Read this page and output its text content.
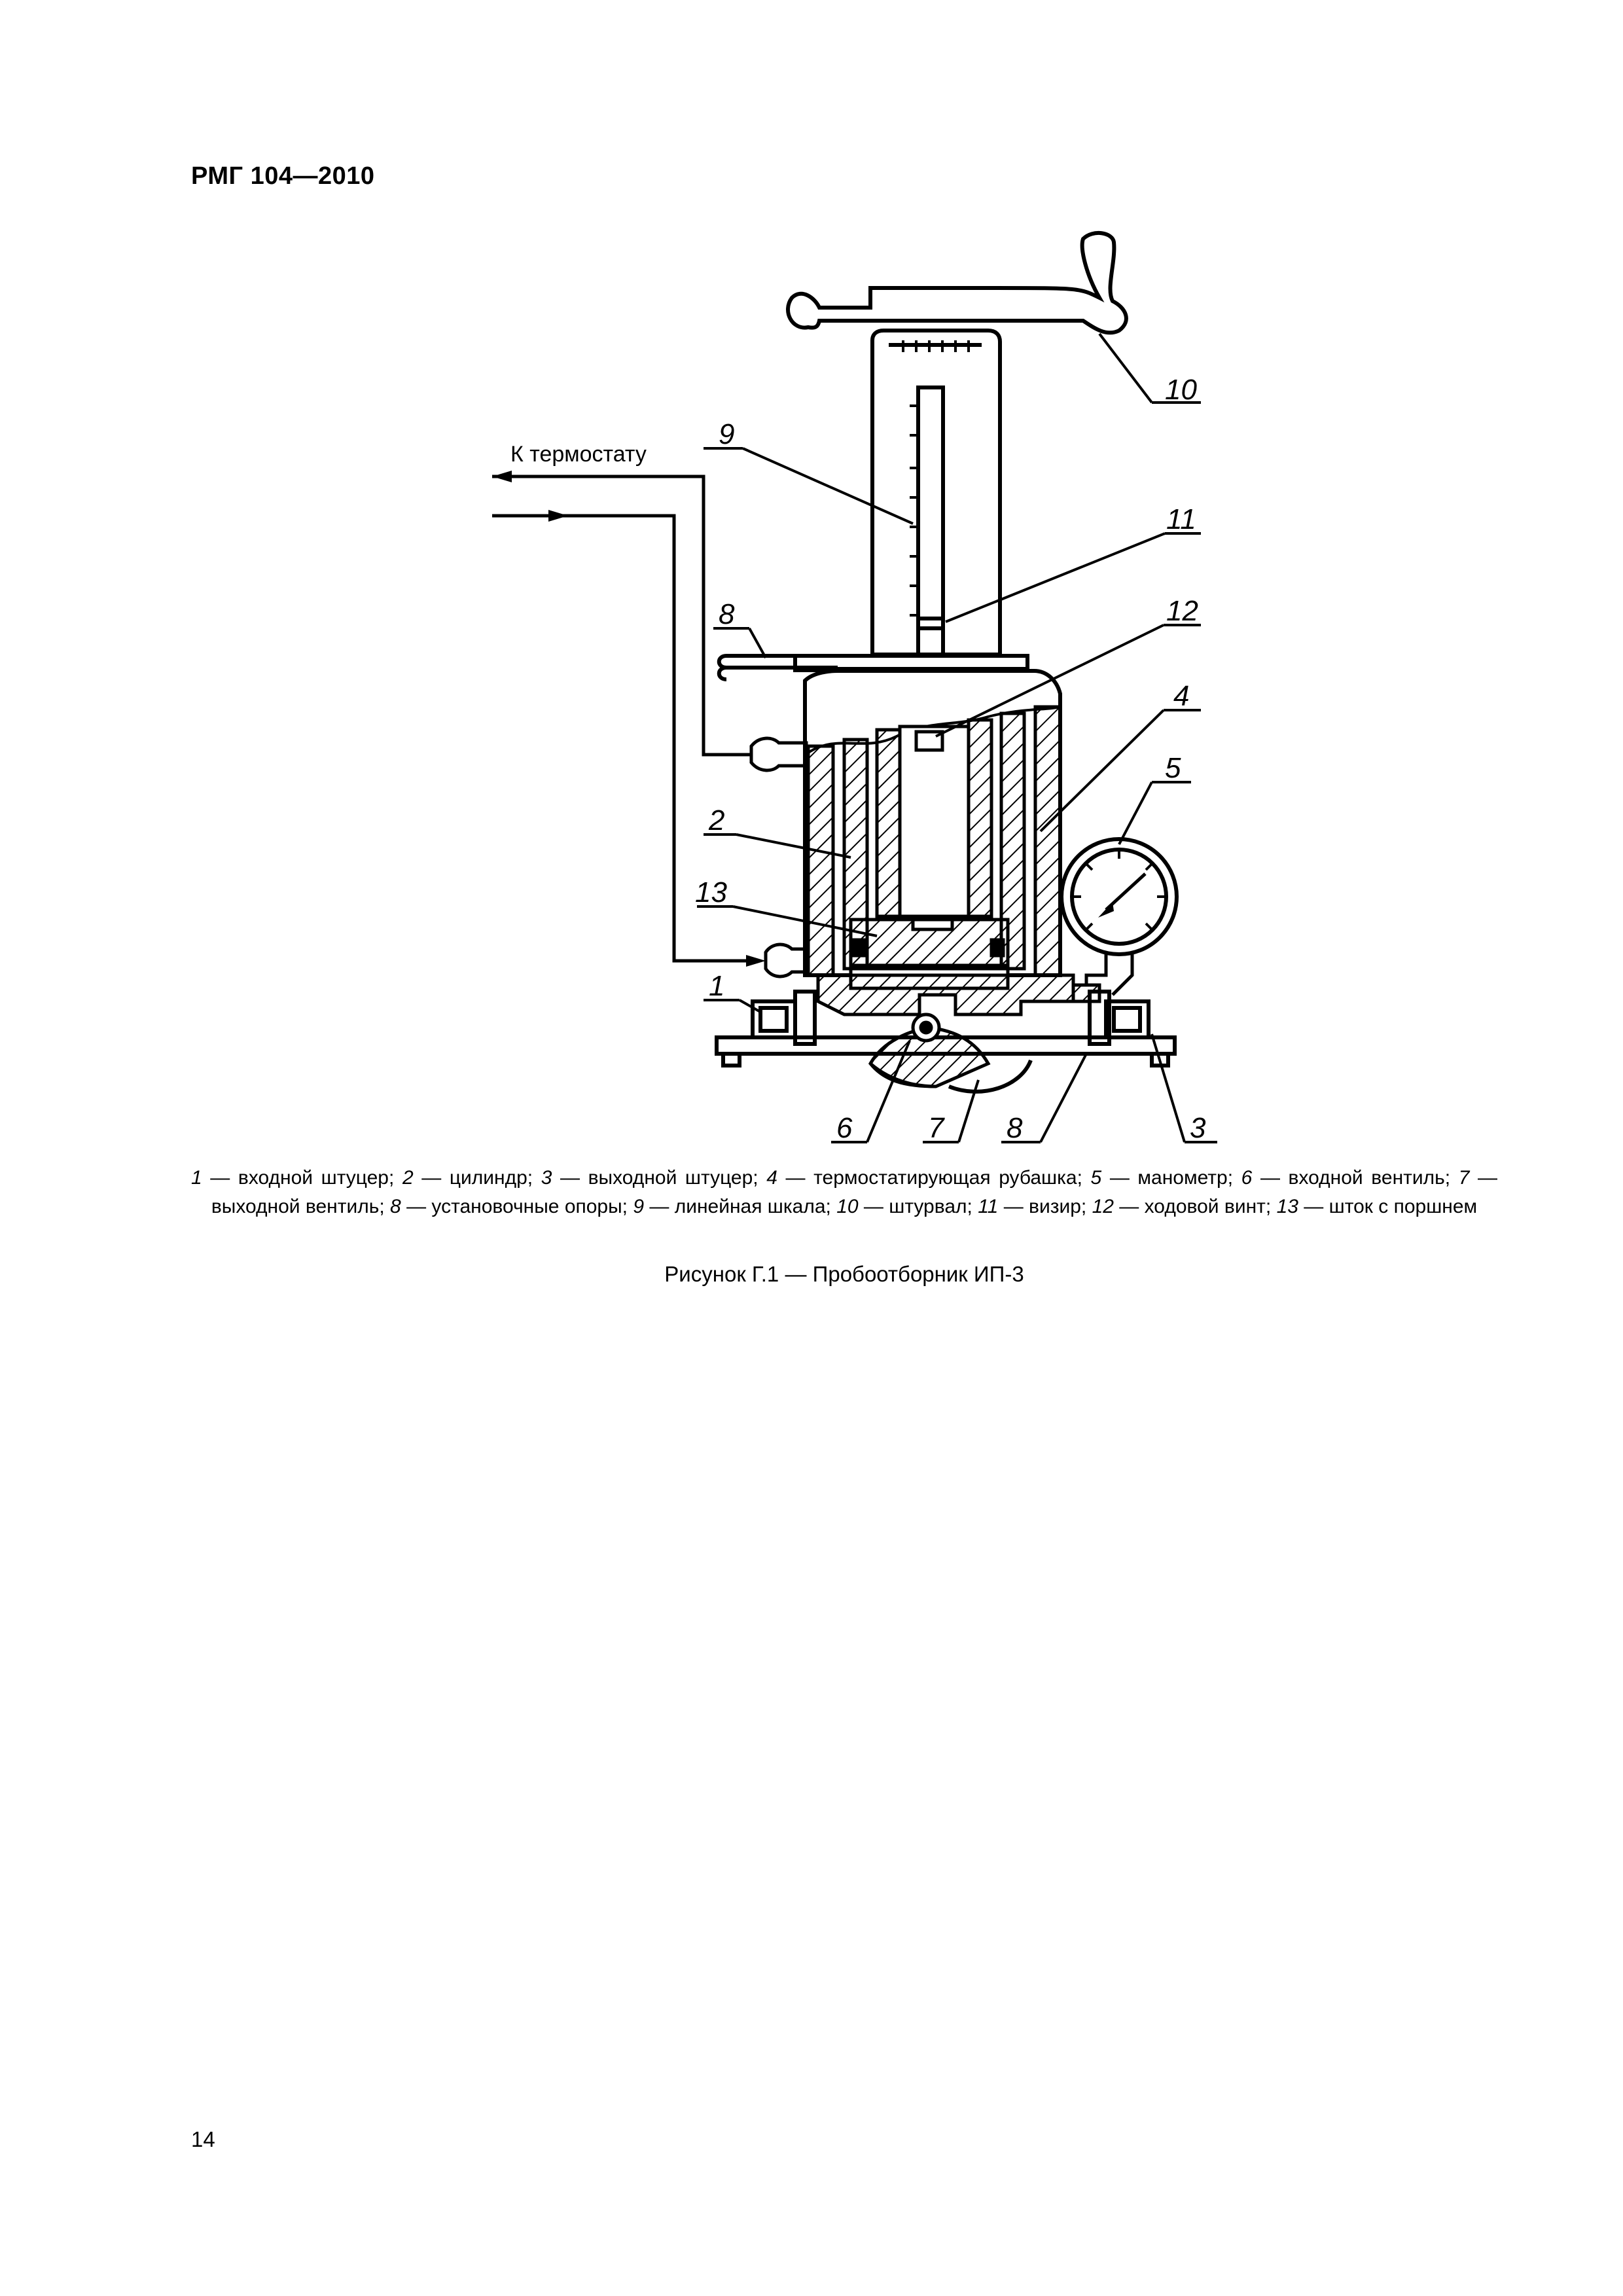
РМГ 104—2010
К термостату
10
9
11
12
8
4
5
2
13
1
6	7 8	3
1 — входной штуцер; 2 — цилиндр; 3 — выходной штуцер; 4 — термостатирующая рубашка; 5 — манометр; 6 — входной вентиль; 7 — выходной вентиль; 8 — установочные опоры; 9 — линейная шкала; 10 — штурвал; 11 — визир; 12 — ходовой винт; 13 — шток с поршнем
Рисунок Г.1 — Пробоотборник ИП-3
14
